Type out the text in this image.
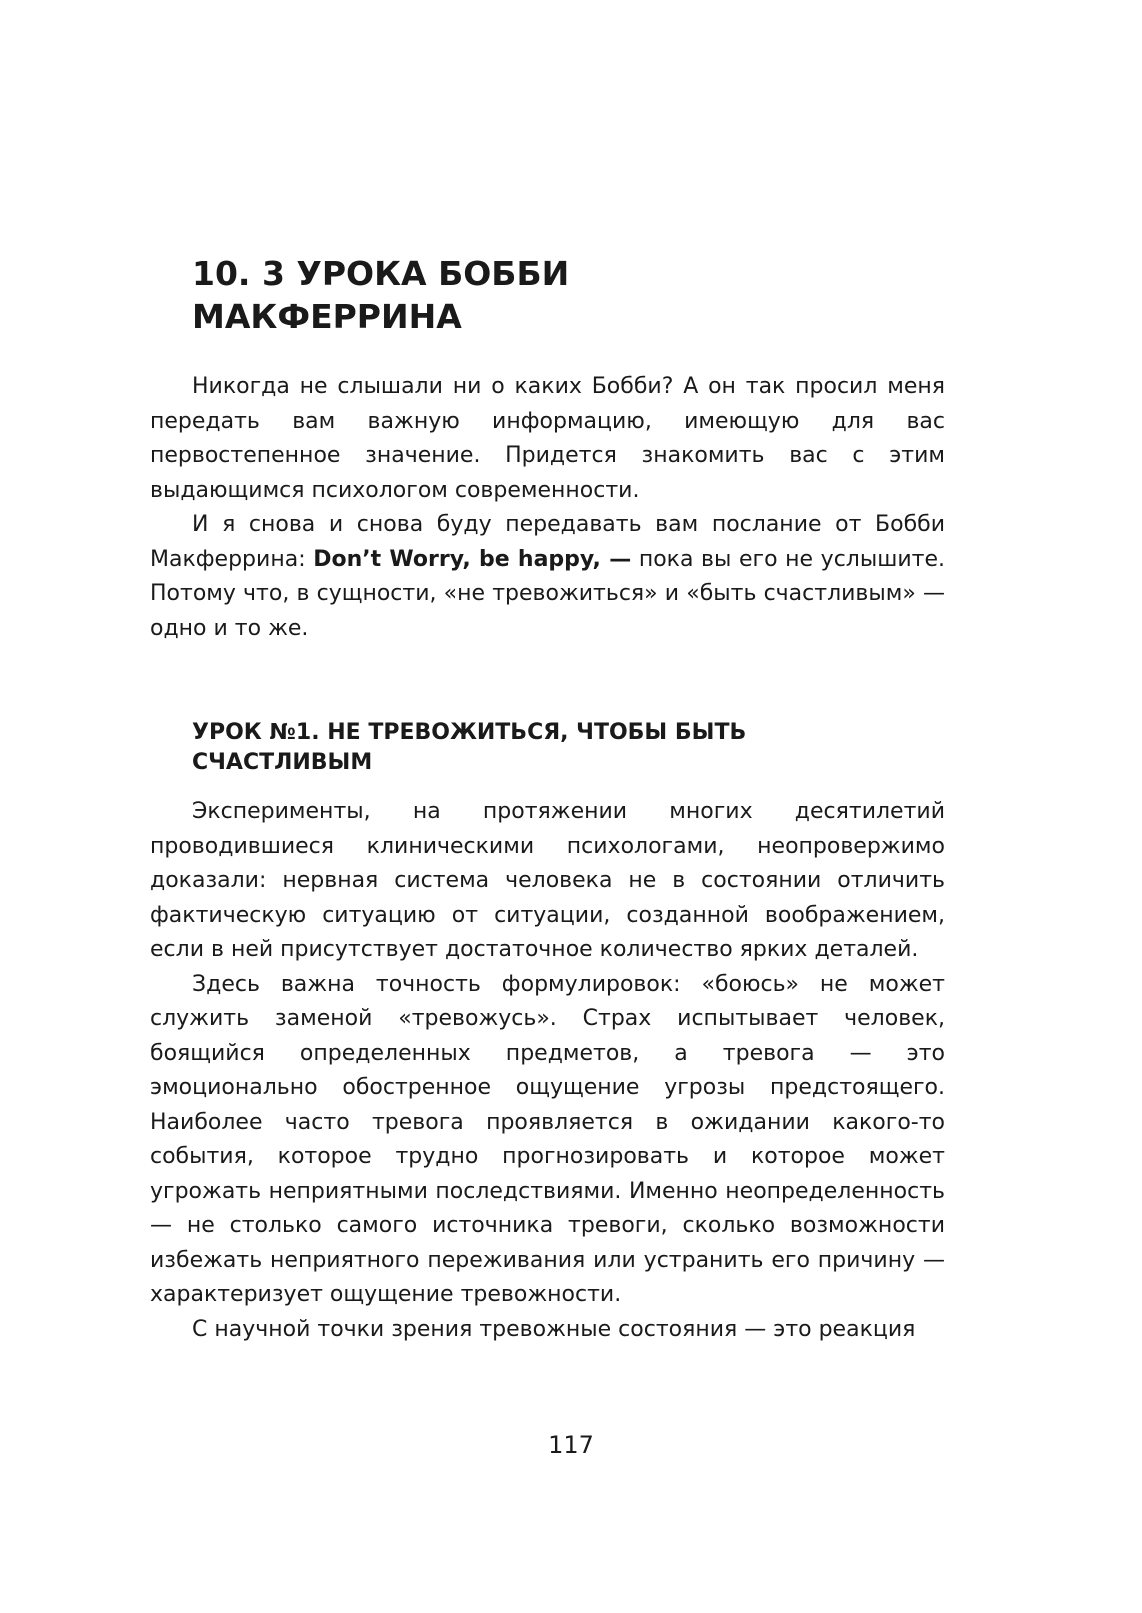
10. 3 УРОКА БОББИ
МАКФЕРРИНА

Никогда не слышали ни о каких Бобби? А он так просил меня передать вам важную информацию, имеющую для вас первостепенное значение. Придется знакомить вас с этим выдающимся психологом современности.

И я снова и снова буду передавать вам послание от Бобби Макферрина: Don’t Worry, be happy, — пока вы его не услышите. Потому что, в сущности, «не тревожиться» и «быть счастливым» — одно и то же.

УРОК №1. НЕ ТРЕВОЖИТЬСЯ, ЧТОБЫ БЫТЬ
СЧАСТЛИВЫМ

Эксперименты, на протяжении многих десятилетий проводившиеся клиническими психологами, неопровержимо доказали: нервная система человека не в состоянии отличить фактическую ситуацию от ситуации, созданной воображением, если в ней присутствует достаточное количество ярких деталей.

Здесь важна точность формулировок: «боюсь» не может служить заменой «тревожусь». Страх испытывает человек, боящийся определенных предметов, а тревога — это эмоционально обостренное ощущение угрозы предстоящего. Наиболее часто тревога проявляется в ожидании какого-то события, которое трудно прогнозировать и которое может угрожать неприятными последствиями. Именно неопределенность — не столько самого источника тревоги, сколько возможности избежать неприятного переживания или устранить его причину — характеризует ощущение тревожности.

С научной точки зрения тревожные состояния — это реакция

117
